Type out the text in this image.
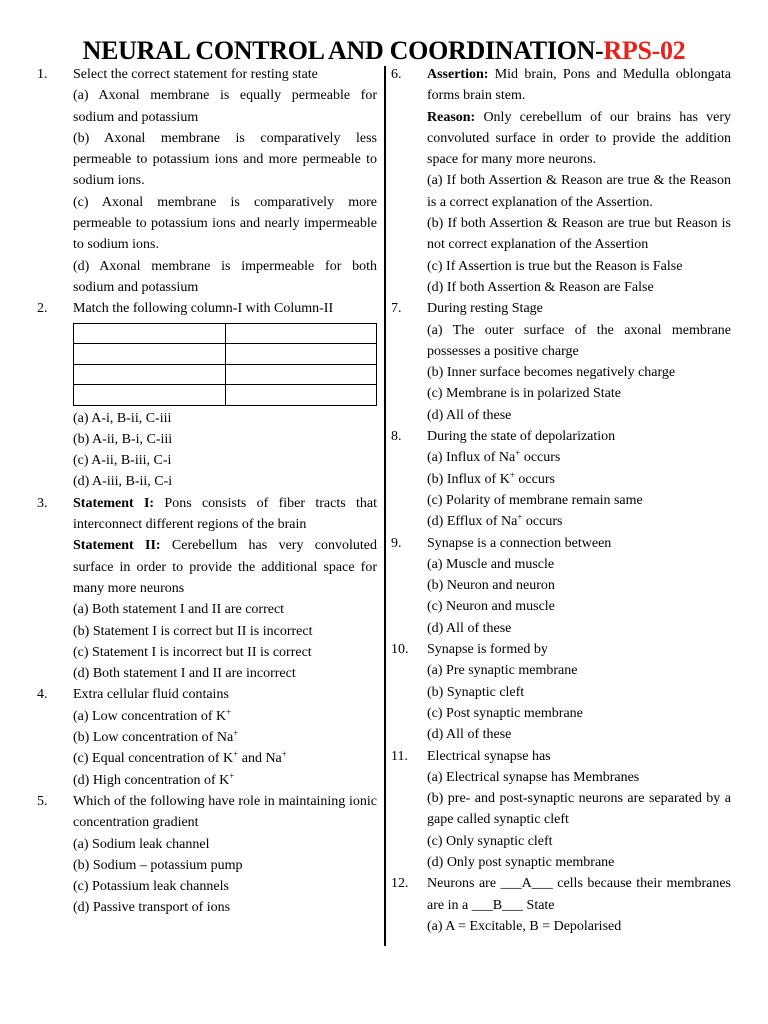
NEURAL CONTROL AND COORDINATION-RPS-02
1. Select the correct statement for resting state
(a) Axonal membrane is equally permeable for sodium and potassium
(b) Axonal membrane is comparatively less permeable to potassium ions and more permeable to sodium ions.
(c) Axonal membrane is comparatively more permeable to potassium ions and nearly impermeable to sodium ions.
(d) Axonal membrane is impermeable for both sodium and potassium
2. Match the following column-I with Column-II

(a) A-i, B-ii, C-iii
(b) A-ii, B-i, C-iii
(c) A-ii, B-iii, C-i
(d) A-iii, B-ii, C-i
3. Statement I: Pons consists of fiber tracts that interconnect different regions of the brain
Statement II: Cerebellum has very convoluted surface in order to provide the additional space for many more neurons
(a) Both statement I and II are correct
(b) Statement I is correct but II is incorrect
(c) Statement I is incorrect but II is correct
(d) Both statement I and II are incorrect
4. Extra cellular fluid contains
(a) Low concentration of K+
(b) Low concentration of Na+
(c) Equal concentration of K+ and Na+
(d) High concentration of K+
5. Which of the following have role in maintaining ionic concentration gradient
(a) Sodium leak channel
(b) Sodium – potassium pump
(c) Potassium leak channels
(d) Passive transport of ions
6. Assertion: Mid brain, Pons and Medulla oblongata forms brain stem.
Reason: Only cerebellum of our brains has very convoluted surface in order to provide the addition space for many more neurons.
(a) If both Assertion & Reason are true & the Reason is a correct explanation of the Assertion.
(b) If both Assertion & Reason are true but Reason is not correct explanation of the Assertion
(c) If Assertion is true but the Reason is False
(d) If both Assertion & Reason are False
7. During resting Stage
(a) The outer surface of the axonal membrane possesses a positive charge
(b) Inner surface becomes negatively charge
(c) Membrane is in polarized State
(d) All of these
8. During the state of depolarization
(a) Influx of Na+ occurs
(b) Influx of K+ occurs
(c) Polarity of membrane remain same
(d) Efflux of Na+ occurs
9. Synapse is a connection between
(a) Muscle and muscle
(b) Neuron and neuron
(c) Neuron and muscle
(d) All of these
10. Synapse is formed by
(a) Pre synaptic membrane
(b) Synaptic cleft
(c) Post synaptic membrane
(d) All of these
11. Electrical synapse has
(a) Electrical synapse has Membranes
(b) pre- and post-synaptic neurons are separated by a gape called synaptic cleft
(c) Only synaptic cleft
(d) Only post synaptic membrane
12. Neurons are ___A___ cells because their membranes are in a ___B___ State
(a) A = Excitable, B = Depolarised
